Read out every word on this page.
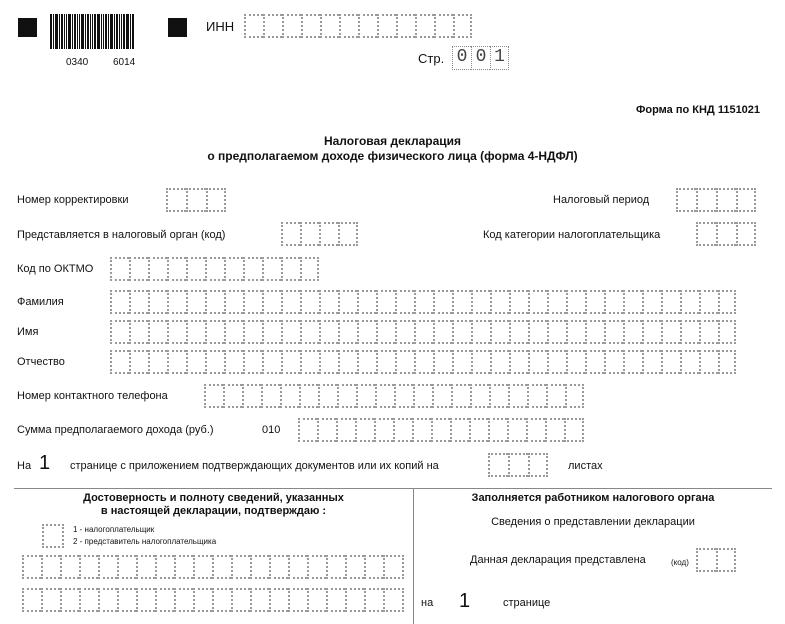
0340 6014
ИНН
Стр. 0 0 1
Форма по КНД 1151021
Налоговая декларация
о предполагаемом доходе физического лица (форма 4-НДФЛ)
Номер корректировки	Налоговый период
Представляется в налоговый орган (код)	Код категории налогоплательщика
Код по ОКТМО
Фамилия
Имя
Отчество
Номер контактного телефона
Сумма предполагаемого дохода (руб.)	010
На 1 странице с приложением подтверждающих документов или их копий на	листах
Достоверность и полноту сведений, указанных
в настоящей декларации, подтверждаю :
1 - налогоплательщик
2 - представитель налогоплательщика
Заполняется работником налогового органа
Сведения о представлении декларации
Данная декларация представлена	(код)
на 1	странице
